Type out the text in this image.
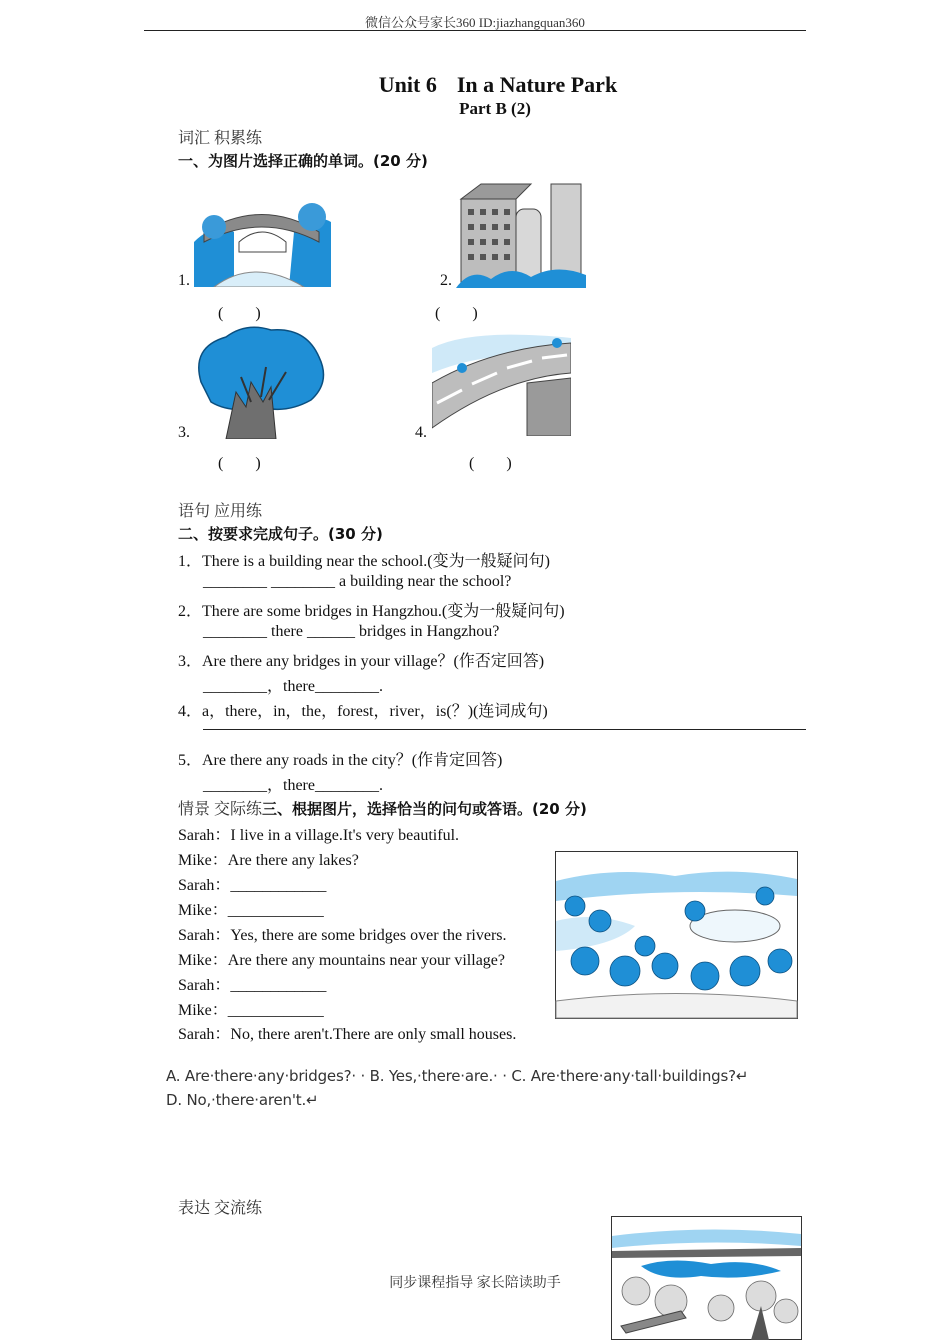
微信公众号家长360 ID:jiazhangquan360
Unit 6 In a Nature Park
Part B (2)
词汇 积累练
一、为图片选择正确的单词。(20 分)
1.
(　　)
2.
(　　)
3.
(　　)
4.
(　　)
语句 应用练
二、按要求完成句子。(30 分)
1．There is a building near the school.(变为一般疑问句)
________ ________ a building near the school?
2．There are some bridges in Hangzhou.(变为一般疑问句)
________ there ______ bridges in Hangzhou?
3．Are there any bridges in your village？(作否定回答)
________，there________.
4．a，there，in，the，forest，river，is(？)(连词成句)
5．Are there any roads in the city？(作肯定回答)
________，there________.
情景 交际练三、根据图片，选择恰当的问句或答语。(20 分)
Sarah：I live in a village.It's very beautiful.
Mike：Are there any lakes?
Sarah：____________
Mike：____________
Sarah：Yes, there are some bridges over the rivers.
Mike：Are there any mountains near your village?
Sarah：____________
Mike：____________
Sarah：No, there aren't.There are only small houses.
A. Are·there·any·bridges?· · B. Yes,·there·are.· · C. Are·there·any·tall·buildings?↵
D. No,·there·aren't.↵
表达 交流练
同步课程指导 家长陪读助手
